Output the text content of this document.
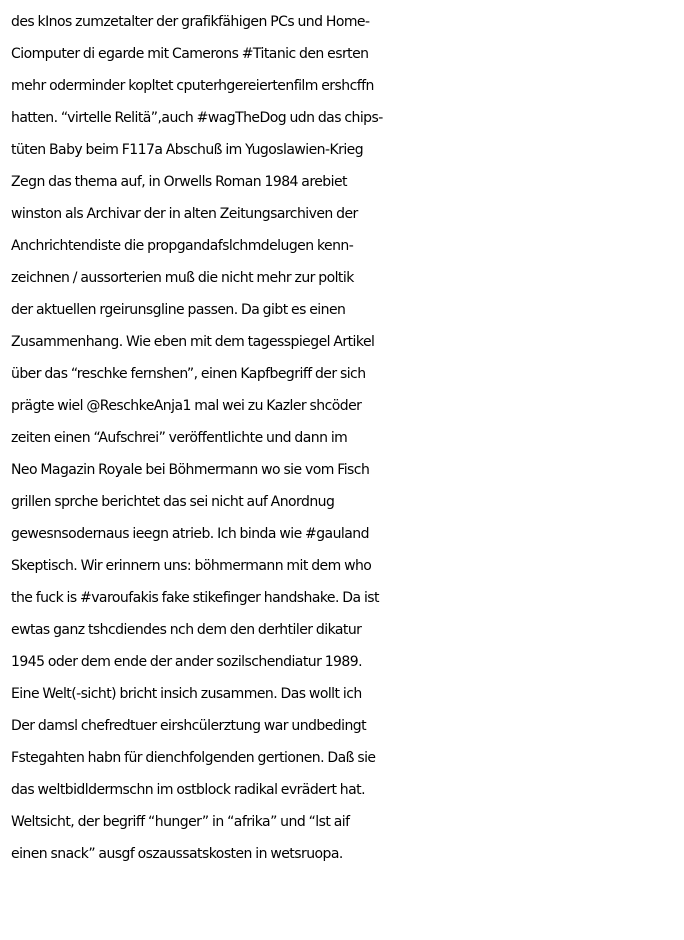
des kInos zumzetalter der grafikfähigen PCs und Home-
Ciomputer di egarde mit Camerons #Titanic den esrten
mehr oderminder kopltet cputerhgereiertenfilm ershcffn
hatten. “virtelle Relitä”,auch #wagTheDog udn das chips-
tüten Baby beim F117a Abschuß im Yugoslawien-Krieg
Zegn das thema auf, in Orwells Roman 1984 arebiet
winston als Archivar der in alten Zeitungsarchiven der
Anchrichtendiste die propgandafslchmdelugen kenn-
zeichnen / aussorterien muß die nicht mehr zur poltik
der aktuellen rgeirunsgline passen. Da gibt es einen
Zusammenhang. Wie eben mit dem tagesspiegel Artikel
über das “reschke fernshen”, einen Kapfbegriff der sich
prägte wiel @ReschkeAnja1 mal wei zu Kazler shcöder
zeiten einen “Aufschrei” veröffentlichte und dann im
Neo Magazin Royale bei Böhmermann wo sie vom Fisch
grillen sprche berichtet das sei nicht auf Anordnug
gewesnsodernaus ieegn atrieb. Ich binda wie #gauland
Skeptisch. Wir erinnern uns: böhmermann mit dem who
the fuck is #varoufakis fake stikefinger handshake. Da ist
ewtas ganz tshcdiendes nch dem den derhtiler dikatur
1945 oder dem ende der ander sozilschendiatur 1989.
Eine Welt(-sicht) bricht insich zusammen. Das wollt ich
Der damsl chefredtuer eirshcülerztung war undbedingt
Fstegahten habn für dienchfolgenden gertionen. Daß sie
das weltbidldermschn im ostblock radikal evrädert hat.
Weltsicht, der begriff “hunger” in “afrika” und “lst aif
einen snack” ausgf oszaussatskosten in wetsruopa.
